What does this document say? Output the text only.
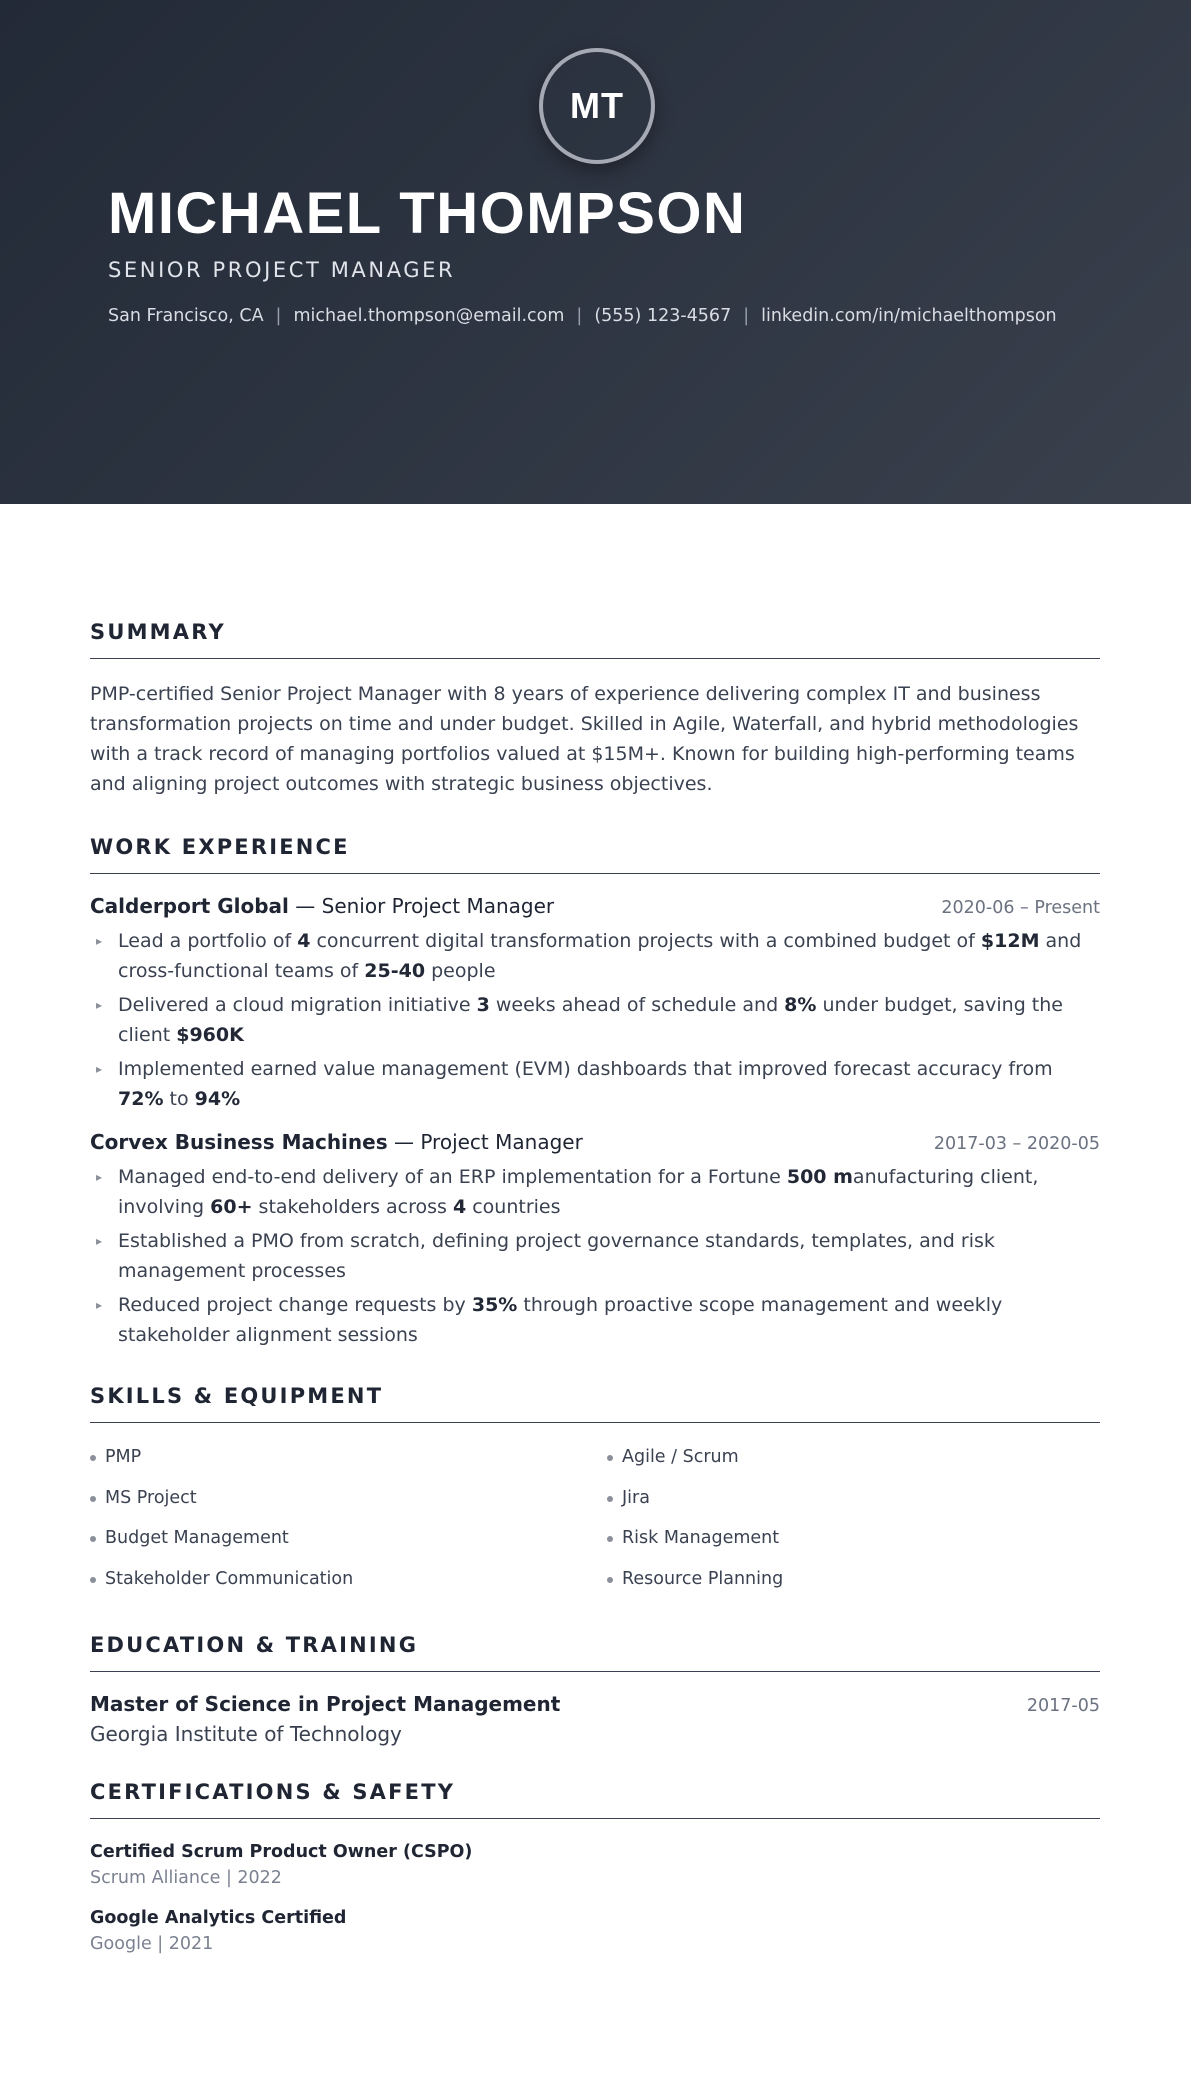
MT
MICHAEL THOMPSON
SENIOR PROJECT MANAGER
San Francisco, CA | michael.thompson@email.com | (555) 123-4567 | linkedin.com/in/michaelthompson
SUMMARY

PMP-certified Senior Project Manager with 8 years of experience delivering complex IT and business transformation projects on time and under budget. Skilled in Agile, Waterfall, and hybrid methodologies with a track record of managing portfolios valued at $15M+. Known for building high-performing teams and aligning project outcomes with strategic business objectives.

WORK EXPERIENCE
Calderport Global — Senior Project Manager	2020-06 – Present
▸ Lead a portfolio of 4 concurrent digital transformation projects with a combined budget of $12M and cross-functional teams of 25-40 people
▸ Delivered a cloud migration initiative 3 weeks ahead of schedule and 8% under budget, saving the client $960K
▸ Implemented earned value management (EVM) dashboards that improved forecast accuracy from 72% to 94%
Corvex Business Machines — Project Manager	2017-03 – 2020-05
▸ Managed end-to-end delivery of an ERP implementation for a Fortune 500 manufacturing client, involving 60+ stakeholders across 4 countries
▸ Established a PMO from scratch, defining project governance standards, templates, and risk management processes
▸ Reduced project change requests by 35% through proactive scope management and weekly stakeholder alignment sessions
SKILLS & EQUIPMENT
PMP	Agile / Scrum
MS Project	Jira
Budget Management	Risk Management
Stakeholder Communication	Resource Planning
EDUCATION & TRAINING
Master of Science in Project Management	2017-05
Georgia Institute of Technology
CERTIFICATIONS & SAFETY
Certified Scrum Product Owner (CSPO)
Scrum Alliance | 2022
Google Analytics Certified
Google | 2021
